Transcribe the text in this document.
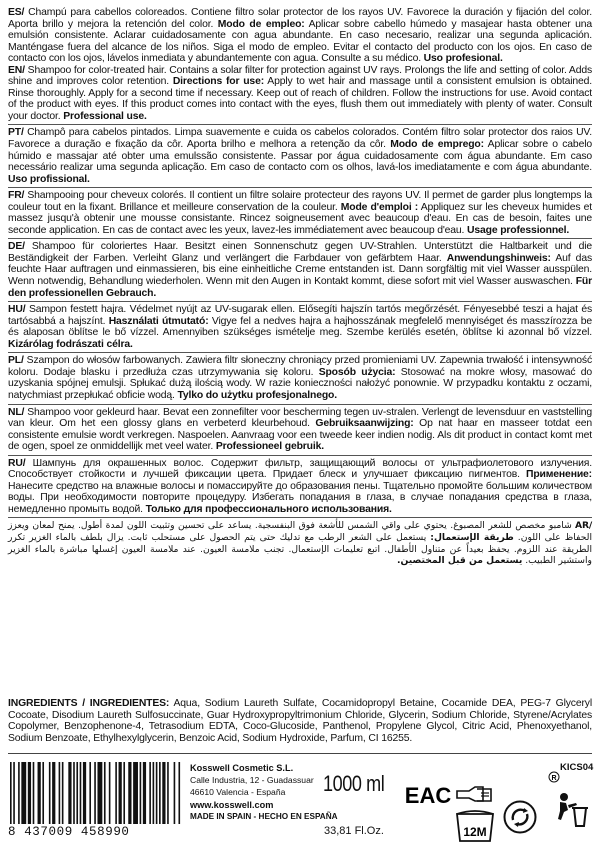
ES/ Champú para cabellos coloreados. Contiene filtro solar protector de los rayos UV. Favorece la duración y fijación del color. Aporta brillo y mejora la retención del color. Modo de empleo: Aplicar sobre cabello húmedo y masajear hasta obtener una emulsión consistente. Aclarar cuidadosamente con agua abundante. En caso necesario, realizar una segunda aplicación. Manténgase fuera del alcance de los niños. Siga el modo de empleo. Evitar el contacto del producto con los ojos. En caso de contacto con los ojos, lávelos inmediata y abundantemente con agua. Consulte a su médico. Uso profesional.

EN/ Shampoo for color-treated hair. Contains a solar filter for protection against UV rays. Prolongs the life and setting of color. Adds shine and improves color retention. Directions for use: Apply to wet hair and massage until a consistent emulsion is obtained. Rinse thoroughly. Apply for a second time if necessary. Keep out of reach of children. Follow the instructions for use. Avoid contact of the product with eyes. If this product comes into contact with the eyes, flush them out immediately with plenty of water. Consult your doctor. Professional use.

PT/ Champô para cabelos pintados. Limpa suavemente e cuida os cabelos colorados. Contém filtro solar protector dos raios UV. Favorece a duração e fixação da côr. Aporta brilho e melhora a retenção da côr. Modo de emprego: Aplicar sobre o cabelo húmido e massajar até obter uma emulssão consistente. Passar por água cuidadosamente com água abundante. Em caso necessário realizar uma segunda aplicação. Em caso de contacto com os olhos, lavá-los imediatamente e com água abundante. Uso profissional.

FR/ Shampooing pour cheveux colorés. Il contient un filtre solaire protecteur des rayons UV. Il permet de garder plus longtemps la couleur tout en la fixant. Brillance et meilleure conservation de la couleur. Mode d'emploi : Appliquez sur les cheveux humides et massez jusqu'à obtenir une mousse consistante. Rincez soigneusement avec beaucoup d'eau. En cas de besoin, faites une seconde application. En cas de contact avec les yeux, lavez-les immédiatement avec beaucoup d'eau. Usage professionnel.

DE/ Shampoo für coloriertes Haar. Besitzt einen Sonnenschutz gegen UV-Strahlen. Unterstützt die Haltbarkeit und die Beständigkeit der Farben. Verleiht Glanz und verlängert die Farbdauer von gefärbtem Haar. Anwendungshinweis: Auf das feuchte Haar auftragen und einmassieren, bis eine einheitliche Creme entstanden ist. Dann sorgfältig mit viel Wasser ausspülen. Wenn notwendig, Behandlung wiederholen. Wenn mit den Augen in Kontakt kommt, diese sofort mit viel Wasser auswaschen. Für den professionellen Gebrauch.

HU/ Sampon festett hajra. Védelmet nyújt az UV-sugarak ellen. Elősegíti hajszín tartós megőrzését. Fényesebbé teszi a hajat és tartósabbá a hajszínt. Használati útmutató: Vigye fel a nedves hajra a hajhosszának megfelelő mennyiséget és masszírozza be és alaposan öblítse le bő vízzel. Amennyiben szükséges ismételje meg. Szembe kerülés esetén, öblítse ki azonnal bő vízzel. Kizárólag fodrászati célra.

PL/ Szampon do włosów farbowanych. Zawiera filtr słoneczny chroniący przed promieniami UV. Zapewnia trwałość i intensywność koloru. Dodaje blasku i przedłuża czas utrzymywania się koloru. Sposób użycia: Stosować na mokre włosy, masować do uzyskania spójnej emulsji. Spłukać dużą ilością wody. W razie konieczności nałożyć ponownie. W przypadku kontaktu z oczami, natychmiast przepłukać obficie wodą. Tylko do użytku profesjonalnego.

NL/ Shampoo voor gekleurd haar. Bevat een zonnefilter voor bescherming tegen uv-stralen. Verlengt de levensduur en vaststelling van kleur. Om het een glossy glans en verbeterd kleurbehoud. Gebruiksaanwijzing: Op nat haar en masseer totdat een consistente emulsie wordt verkregen. Naspoelen. Aanvraag voor een tweede keer indien nodig. Als dit product in contact komt met de ogen, spoel ze onmiddellijk met veel water. Professioneel gebruik.

RU/ Шампунь для окрашенных волос. Содержит фильтр, защищающий волосы от ультрафиолетового излучения. Способствует стойкости и лучшей фиксации цвета. Придает блеск и улучшает фиксацию пигментов. Применение: Нанесите средство на влажные волосы и помассируйте до образования пены. Тщательно промойте большим количеством воды. При необходимости повторите процедуру. Избегать попадания в глаза, в случае попадания средства в глаза, немедленно промыть водой. Только для профессионального использования.

/AR شامبو مخصص للشعر المصبوغ. يحتوي على واقي الشمس للأشعة فوق البنفسجية. يساعد على تحسين وتثبيت اللون لمدة أطول. يمنح لمعان ويعزز الحفاظ على اللون. طريقة الإستعمال: يستعمل على الشعر الرطب مع تدليك حتى يتم الحصول على مستحلب ثابت. يزال بلطف بالماء الغزير تكرر الطريقة عند اللزوم. يحفظ بعيداً عن متناول الأطفال. اتبع تعليمات الإستعمال. تجنب ملامسة العيون. عند ملامسة العيون إغسلها مباشرة بالماء الغزير واستشير الطبيب. يستعمل من قبل المختصين.

INGREDIENTS / INGREDIENTES: Aqua, Sodium Laureth Sulfate, Cocamidopropyl Betaine, Cocamide DEA, PEG-7 Glyceryl Cocoate, Disodium Laureth Sulfosuccinate, Guar Hydroxypropyltrimonium Chloride, Glycerin, Sodium Chloride, Styrene/Acrylates Copolymer, Benzophenone-4, Tetrasodium EDTA, Coco-Glucoside, Panthenol, Propylene Glycol, Citric Acid, Phenoxyethanol, Sodium Benzoate, Ethylhexylglycerin, Benzoic Acid, Sodium Hydroxide, Parfum, CI 16255.

8 437009 458990
Kosswell Cosmetic S.L.
Calle Industria, 12 - Guadassuar
46610 Valencia - España
www.kosswell.com
MADE IN SPAIN - HECHO EN ESPAÑA
1000 ml
33,81 Fl.Oz.
KICS04
EAC
12M
R
